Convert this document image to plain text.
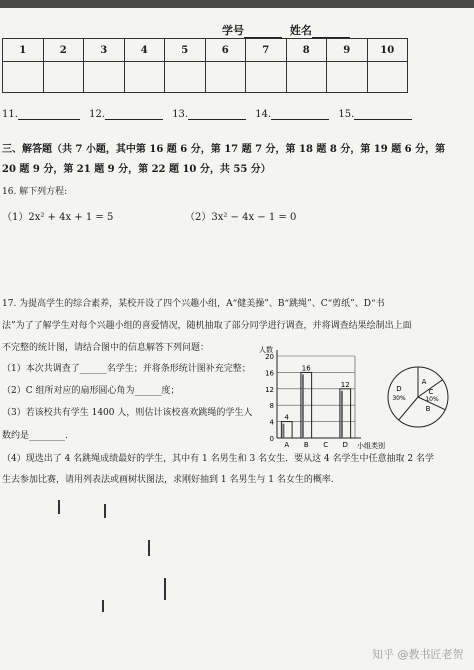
学号	姓名
1	2	3	4	5	6	7	8	9	10

11.	12.	13.	14.	15.
三、解答题（共 7 小题，其中第 16 题 6 分，第 17 题 7 分，第 18 题 8 分，第 19 题 6 分，第
20 题 9 分，第 21 题 9 分，第 22 题 10 分，共 55 分）
16. 解下列方程:
（1）2x² + 4x + 1 = 5	（2）3x² − 4x − 1 = 0
17. 为提高学生的综合素养，某校开设了四个兴趣小组，A“健美操”、B“跳绳”、C“剪纸”、D“书
法”为了了解学生对每个兴趣小组的喜爱情况，随机抽取了部分同学进行调查，并将调查结果绘制出上面
不完整的统计图，请结合图中的信息解答下列问题：
（1）本次共调查了______名学生；并将条形统计图补充完整；
（2）C 组所对应的扇形圆心角为______度；
（3）若该校共有学生 1400 人，则估计该校喜欢跳绳的学生人
数约是________.
（4）现选出了 4 名跳绳成绩最好的学生，其中有 1 名男生和 3 名女生．要从这 4 名学生中任意抽取 2 名学
生去参加比赛，请用列表法或画树状图法，求刚好抽到 1 名男生与 1 名女生的概率.
0
4
8
12
16
20
人数
小组类别
4
A
16
B C
12
D
A
B
C
10%
D
30%
知乎 @教书匠老贺
